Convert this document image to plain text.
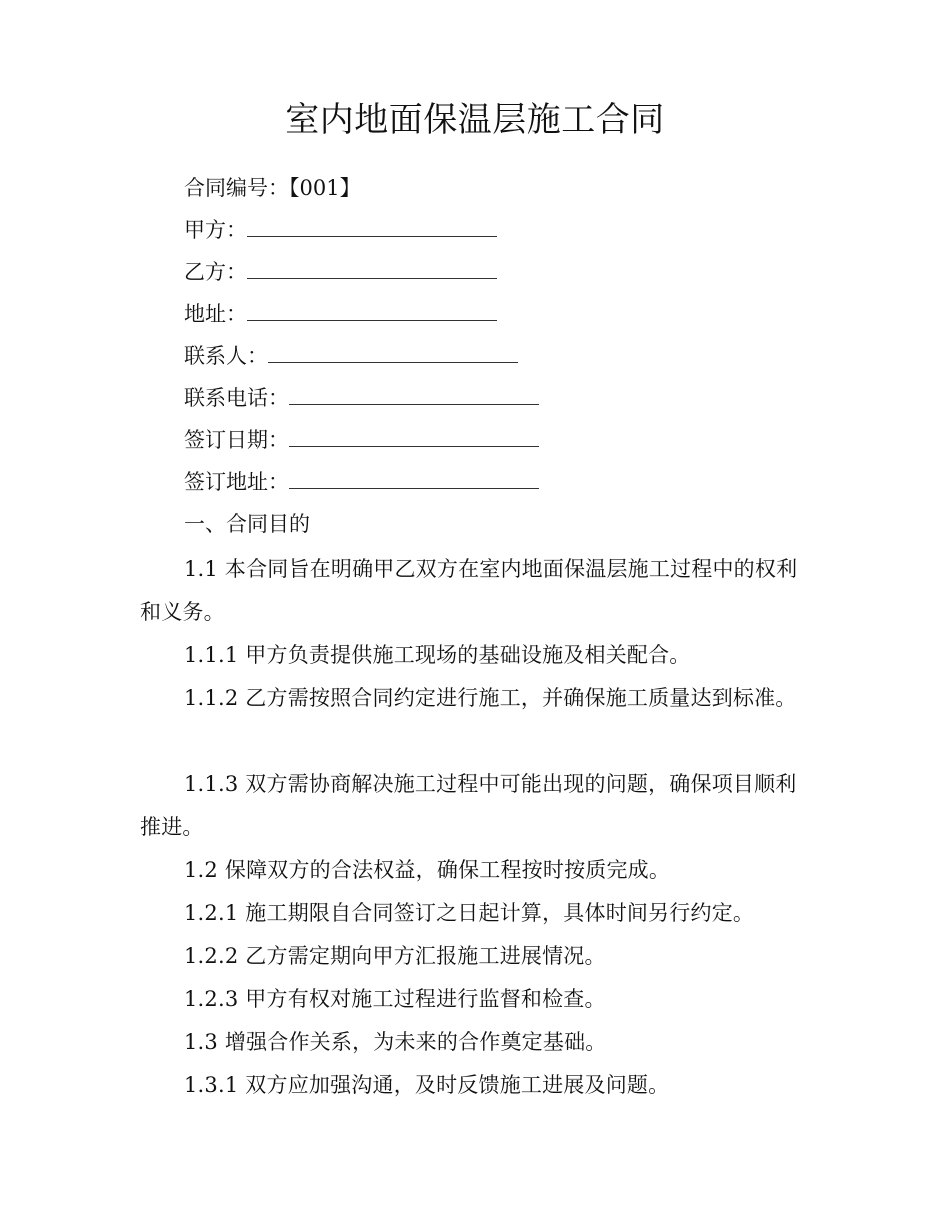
室内地面保温层施工合同
合同编号：【001】
甲方：
乙方：
地址：
联系人：
联系电话：
签订日期：
签订地址：
一、合同目的
1.1 本合同旨在明确甲乙双方在室内地面保温层施工过程中的权利和义务。
1.1.1 甲方负责提供施工现场的基础设施及相关配合。
1.1.2 乙方需按照合同约定进行施工，并确保施工质量达到标准。
1.1.3 双方需协商解决施工过程中可能出现的问题，确保项目顺利推进。
1.2 保障双方的合法权益，确保工程按时按质完成。
1.2.1 施工期限自合同签订之日起计算，具体时间另行约定。
1.2.2 乙方需定期向甲方汇报施工进展情况。
1.2.3 甲方有权对施工过程进行监督和检查。
1.3 增强合作关系，为未来的合作奠定基础。
1.3.1 双方应加强沟通，及时反馈施工进展及问题。
